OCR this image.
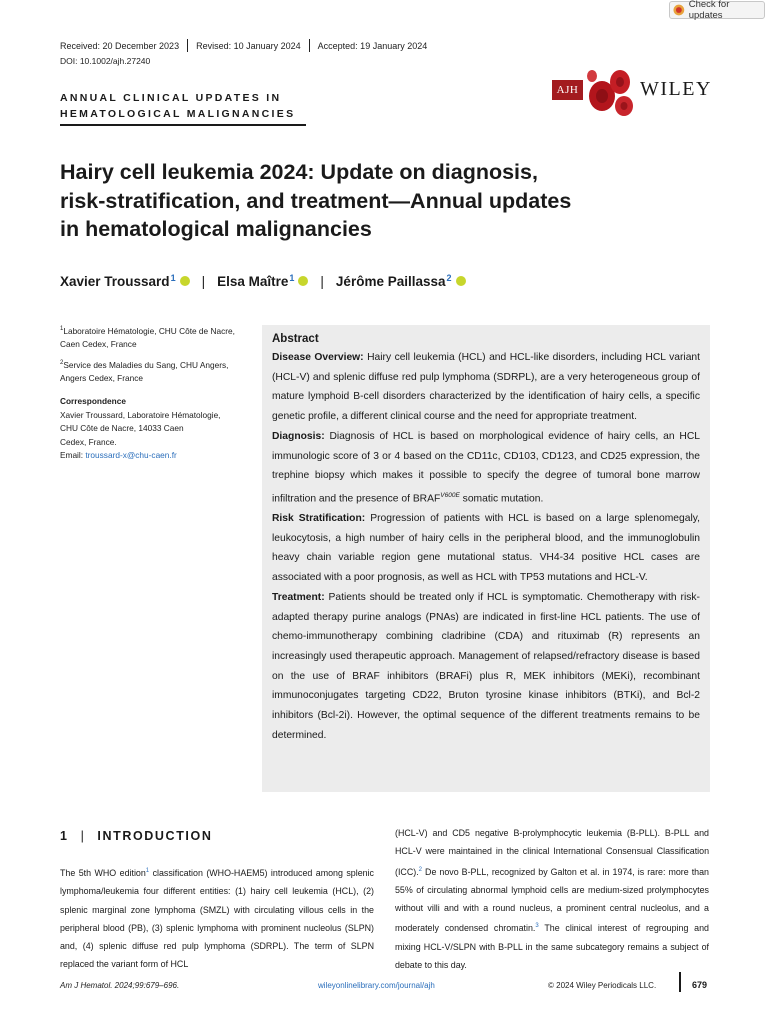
Check for updates
Received: 20 December 2023 Revised: 10 January 2024 Accepted: 19 January 2024
DOI: 10.1002/ajh.27240
AJH	WILEY
ANNUAL CLINICAL UPDATES IN
HEMATOLOGICAL MALIGNANCIES
Hairy cell leukemia 2024: Update on diagnosis,
risk-stratification, and treatment—Annual updates
in hematological malignancies
Xavier Troussard$^1$ | Elsa Maître$^1$ | Jérôme Paillassa$^2$

$^1$Laboratoire Hématologie, CHU Côte de Nacre, Caen Cedex, France

$^2$Service des Maladies du Sang, CHU Angers, Angers Cedex, France

Correspondence
Xavier Troussard, Laboratoire Hématologie,
CHU Côte de Nacre, 14033 Caen
Cedex, France.
Email: troussard-x@chu-caen.fr
Abstract

Disease Overview: Hairy cell leukemia (HCL) and HCL-like disorders, including HCL variant (HCL-V) and splenic diffuse red pulp lymphoma (SDRPL), are a very heterogeneous group of mature lymphoid B-cell disorders characterized by the identification of hairy cells, a specific genetic profile, a different clinical course and the need for appropriate treatment.

Diagnosis: Diagnosis of HCL is based on morphological evidence of hairy cells, an HCL immunologic score of 3 or 4 based on the CD11c, CD103, CD123, and CD25 expression, the trephine biopsy which makes it possible to specify the degree of tumoral bone marrow infiltration and the presence of $BRAF^{V600E}$ somatic mutation.

Risk Stratification: Progression of patients with HCL is based on a large splenomegaly, leukocytosis, a high number of hairy cells in the peripheral blood, and the immunoglobulin heavy chain variable region gene mutational status. VH4-34 positive HCL cases are associated with a poor prognosis, as well as HCL with TP53 mutations and HCL-V.

Treatment: Patients should be treated only if HCL is symptomatic. Chemotherapy with risk-adapted therapy purine analogs (PNAs) are indicated in first-line HCL patients. The use of chemo-immunotherapy combining cladribine (CDA) and rituximab (R) represents an increasingly used therapeutic approach. Management of relapsed/refractory disease is based on the use of BRAF inhibitors (BRAFi) plus R, MEK inhibitors (MEKi), recombinant immunoconjugates targeting CD22, Bruton tyrosine kinase inhibitors (BTKi), and Bcl-2 inhibitors (Bcl-2i). However, the optimal sequence of the different treatments remains to be determined.

1 | INTRODUCTION

The 5th WHO edition$^1$ classification (WHO-HAEM5) introduced among splenic lymphoma/leukemia four different entities: (1) hairy cell leukemia (HCL), (2) splenic marginal zone lymphoma (SMZL) with circulating villous cells in the peripheral blood (PB), (3) splenic lymphoma with prominent nucleolus (SLPN) and, (4) splenic diffuse red pulp lymphoma (SDRPL). The term of SLPN replaced the variant form of HCL

(HCL-V) and CD5 negative B-prolymphocytic leukemia (B-PLL). B-PLL and HCL-V were maintained in the clinical International Consensual Classification (ICC).$^2$ De novo B-PLL, recognized by Galton et al. in 1974, is rare: more than 55% of circulating abnormal lymphoid cells are medium-sized prolymphocytes without villi and with a round nucleus, a prominent central nucleolus, and a moderately condensed chromatin.$^3$ The clinical interest of regrouping and mixing HCL-V/SLPN with B-PLL in the same subcategory remains a subject of debate to this day.

Am J Hematol. 2024;99:679–696.	wileyonlinelibrary.com/journal/ajh	© 2024 Wiley Periodicals LLC.	679
